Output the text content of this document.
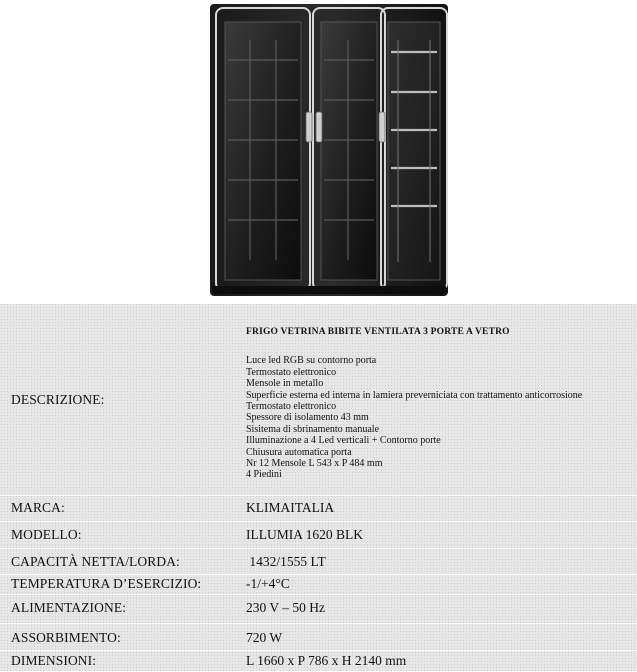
DESCRIZIONE:
FRIGO VETRINA BIBITE VENTILATA 3 PORTE A VETRO
Luce led RGB su contorno porta
Termostato elettronico
Mensole in metallo
Superficie esterna ed interna in lamiera preverniciata con trattamento anticorrosione
Termostato elettronico
Spessore di isolamento 43 mm
Sisitema di sbrinamento manuale
Illuminazione a 4 Led verticali + Contorno porte
Chiusura automatica porta
Nr 12 Mensole L 543 x P 484 mm
4 Piedini
MARCA:	KLIMAITALIA
MODELLO:	ILLUMIA 1620 BLK
CAPACITÀ NETTA/LORDA:	1432/1555 LT
TEMPERATURA D’ESERCIZIO:	-1/+4°C
ALIMENTAZIONE:	230 V – 50 Hz
ASSORBIMENTO:	720 W
DIMENSIONI:	L 1660 x P 786 x H 2140 mm
